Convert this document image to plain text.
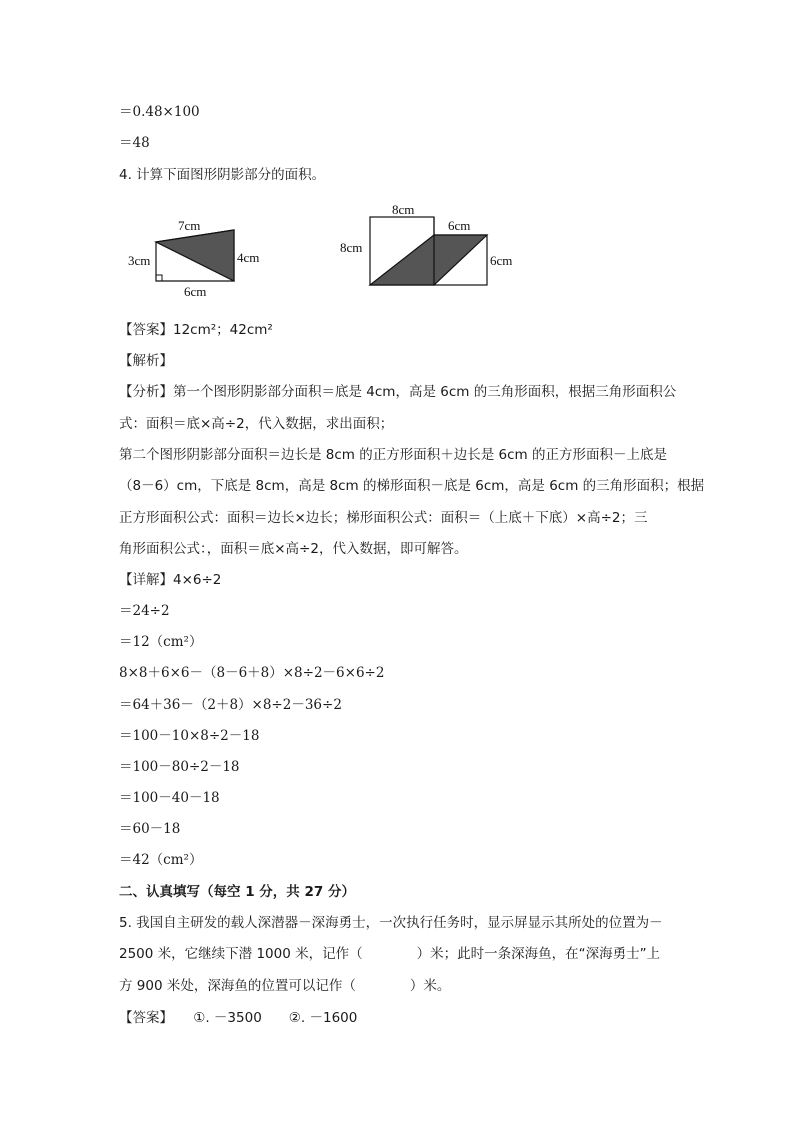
＝0.48×100
＝48
4. 计算下面图形阴影部分的面积。
7cm
3cm	4cm
6cm
8cm
8cm
6cm
6cm
【答案】12cm²；42cm²
【解析】
【分析】第一个图形阴影部分面积＝底是 4cm，高是 6cm 的三角形面积，根据三角形面积公
式：面积＝底×高÷2，代入数据，求出面积；
第二个图形阴影部分面积＝边长是 8cm 的正方形面积＋边长是 6cm 的正方形面积－上底是
（8－6）cm，下底是 8cm，高是 8cm 的梯形面积－底是 6cm，高是 6cm 的三角形面积；根据
正方形面积公式：面积＝边长×边长；梯形面积公式：面积＝（上底＋下底）×高÷2；三
角形面积公式：，面积＝底×高÷2，代入数据，即可解答。
【详解】4×6÷2
＝24÷2
＝12（cm²）
8×8＋6×6－（8－6＋8）×8÷2－6×6÷2
＝64＋36－（2＋8）×8÷2－36÷2
＝100－10×8÷2－18
＝100－80÷2－18
＝100－40－18
＝60－18
＝42（cm²）
二、认真填写（每空 1 分，共 27 分）
5. 我国自主研发的载人深潜器－深海勇士，一次执行任务时，显示屏显示其所处的位置为－
2500 米，它继续下潜 1000 米，记作（　　　　）米；此时一条深海鱼，在“深海勇士”上
方 900 米处，深海鱼的位置可以记作（　　　　）米。
【答案】　　①. －3500　　②. －1600
